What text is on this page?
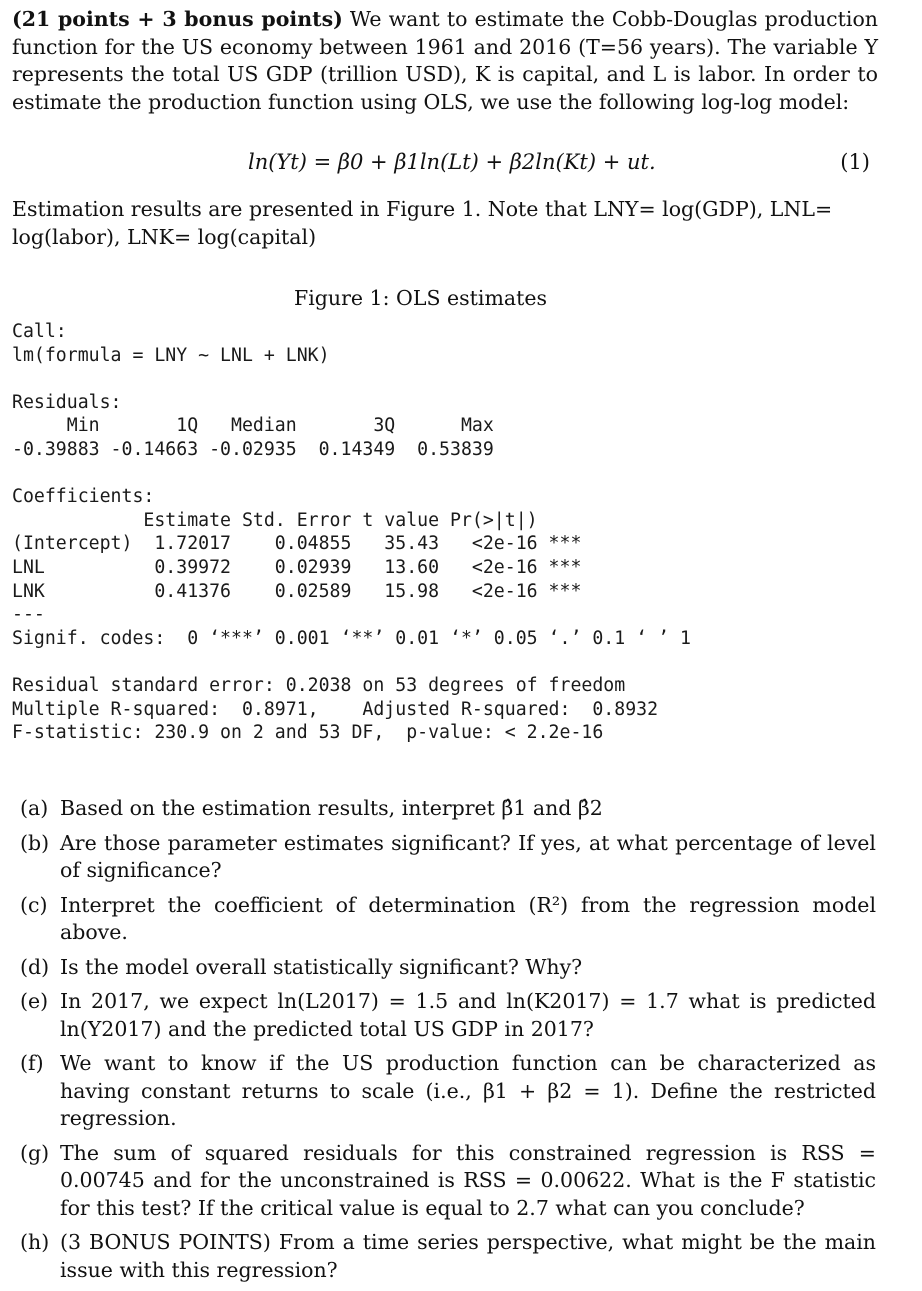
(21 points + 3 bonus points) We want to estimate the Cobb-Douglas production function for the US economy between 1961 and 2016 (T=56 years). The variable Y represents the total US GDP (trillion USD), K is capital, and L is labor. In order to estimate the production function using OLS, we use the following log-log model:
ln(Yt) = β0 + β1ln(Lt) + β2ln(Kt) + ut.	(1)
Estimation results are presented in Figure 1. Note that LNY= log(GDP), LNL= log(labor), LNK= log(capital)
Figure 1: OLS estimates
Call:
lm(formula = LNY ~ LNL + LNK)
Residuals:
Min       1Q   Median       3Q      Max
-0.39883 -0.14663 -0.02935  0.14349  0.53839
Coefficients:
Estimate Std. Error t value Pr(>|t|)
(Intercept)  1.72017    0.04855   35.43   <2e-16 ***
LNL          0.39972    0.02939   13.60   <2e-16 ***
LNK          0.41376    0.02589   15.98   <2e-16 ***
---
Signif. codes:  0 ‘***’ 0.001 ‘**’ 0.01 ‘*’ 0.05 ‘.’ 0.1 ‘ ’ 1
Residual standard error: 0.2038 on 53 degrees of freedom
Multiple R-squared:  0.8971,    Adjusted R-squared:  0.8932
F-statistic: 230.9 on 2 and 53 DF,  p-value: < 2.2e-16
(a) Based on the estimation results, interpret β̂1 and β̂2
(b) Are those parameter estimates significant? If yes, at what percentage of level of significance?
(c) Interpret the coefficient of determination (R²) from the regression model above.
(d) Is the model overall statistically significant? Why?
(e) In 2017, we expect ln(L2017) = 1.5 and ln(K2017) = 1.7 what is predicted ln(Y2017) and the predicted total US GDP in 2017?
(f) We want to know if the US production function can be characterized as having constant returns to scale (i.e., β1 + β2 = 1). Define the restricted regression.
(g) The sum of squared residuals for this constrained regression is RSS = 0.00745 and for the unconstrained is RSS = 0.00622. What is the F statistic for this test? If the critical value is equal to 2.7 what can you conclude?
(h) (3 BONUS POINTS) From a time series perspective, what might be the main issue with this regression?
